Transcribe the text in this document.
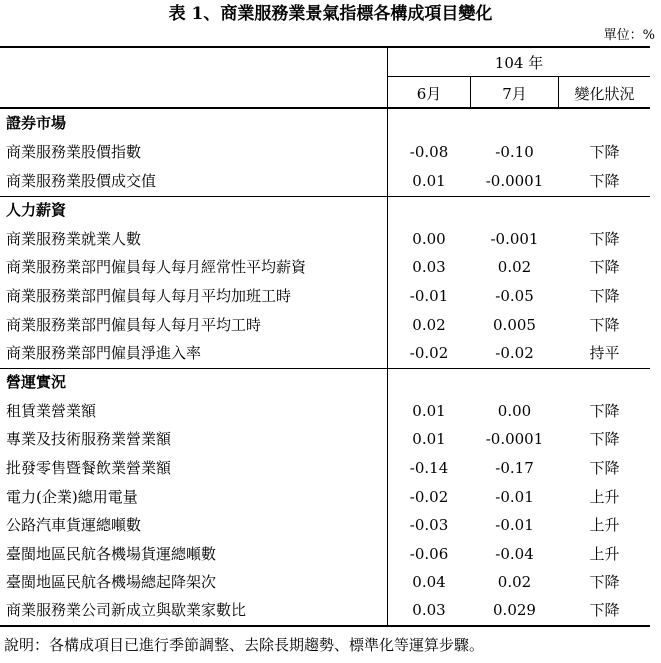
表 1、商業服務業景氣指標各構成項目變化
單位：%
104 年
6月	7月	變化狀況
證券市場
商業服務業股價指數	-0.08	-0.10	下降
商業服務業股價成交值	0.01	-0.0001	下降
人力薪資
商業服務業就業人數	0.00	-0.001	下降
商業服務業部門僱員每人每月經常性平均薪資	0.03	0.02	下降
商業服務業部門僱員每人每月平均加班工時	-0.01	-0.05	下降
商業服務業部門僱員每人每月平均工時	0.02	0.005	下降
商業服務業部門僱員淨進入率	-0.02	-0.02	持平
營運實況
租賃業營業額	0.01	0.00	下降
專業及技術服務業營業額	0.01	-0.0001	下降
批發零售暨餐飲業營業額	-0.14	-0.17	下降
電力(企業)總用電量	-0.02	-0.01	上升
公路汽車貨運總噸數	-0.03	-0.01	上升
臺閩地區民航各機場貨運總噸數	-0.06	-0.04	上升
臺閩地區民航各機場總起降架次	0.04	0.02	下降
商業服務業公司新成立與歇業家數比	0.03	0.029	下降
說明：各構成項目已進行季節調整、去除長期趨勢、標準化等運算步驟。
